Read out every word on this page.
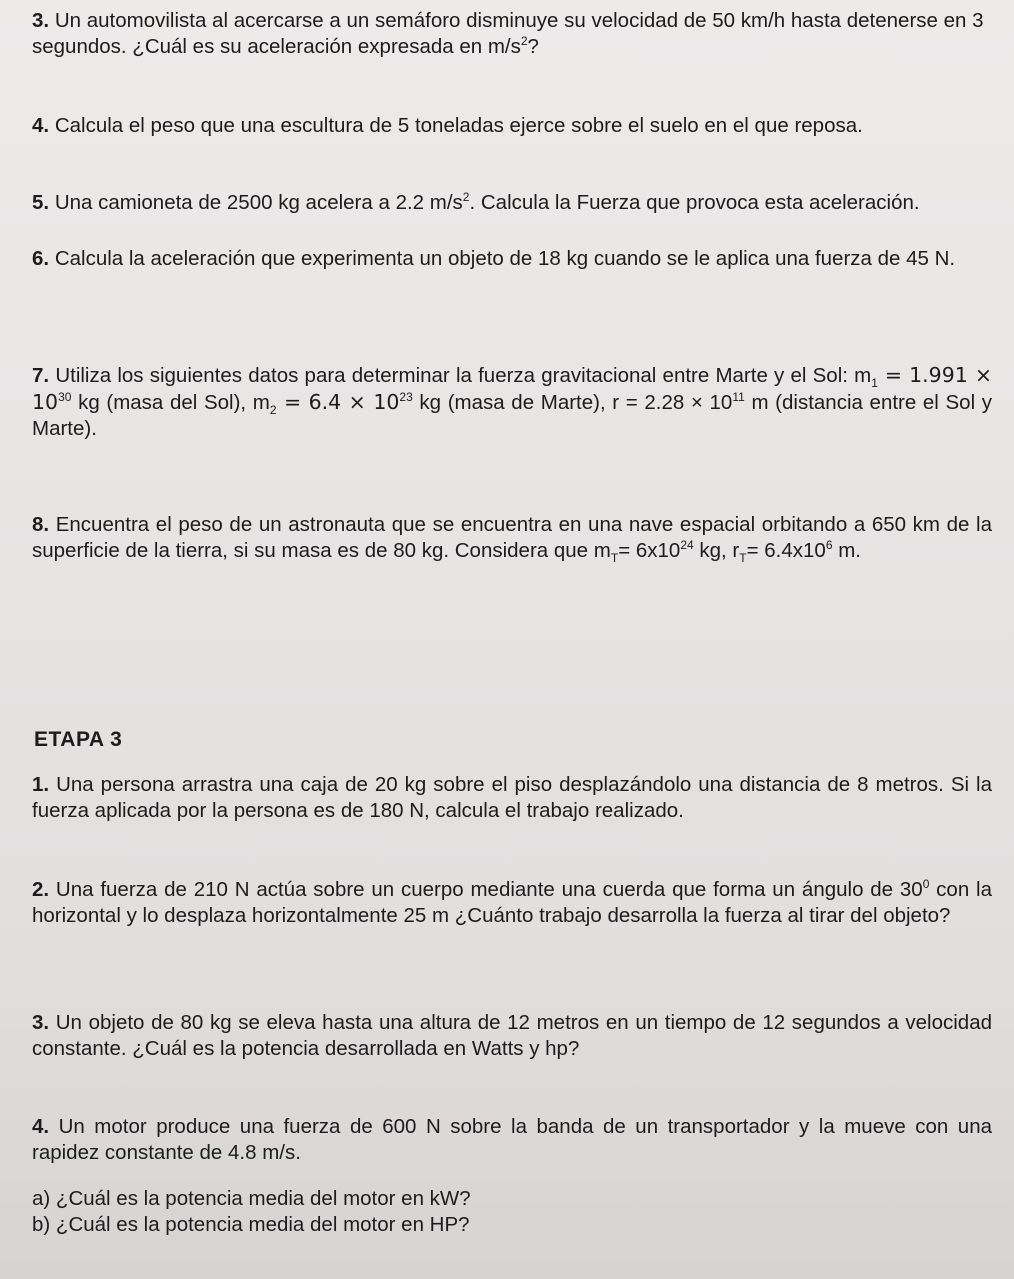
3. Un automovilista al acercarse a un semáforo disminuye su velocidad de 50 km/h hasta detenerse en 3 segundos. ¿Cuál es su aceleración expresada en $m/s^2$?

4. Calcula el peso que una escultura de 5 toneladas ejerce sobre el suelo en el que reposa.

5. Una camioneta de 2500 kg acelera a 2.2 $m/s^2$. Calcula la Fuerza que provoca esta aceleración.

6. Calcula la aceleración que experimenta un objeto de 18 kg cuando se le aplica una fuerza de 45 N.

7. Utiliza los siguientes datos para determinar la fuerza gravitacional entre Marte y el Sol: $m_1 = 1.991 \times 10^{30}$ kg (masa del Sol), $m_2 = 6.4 \times 10^{23}$ kg (masa de Marte), $r = 2.28 \times 10^{11}$ m (distancia entre el Sol y Marte).

8. Encuentra el peso de un astronauta que se encuentra en una nave espacial orbitando a 650 km de la superficie de la tierra, si su masa es de 80 kg. Considera que $m_T= 6x10^{24}$ kg, $r_T= 6.4x10^6$ m.

ETAPA 3

1. Una persona arrastra una caja de 20 kg sobre el piso desplazándolo una distancia de 8 metros. Si la fuerza aplicada por la persona es de 180 N, calcula el trabajo realizado.

2. Una fuerza de 210 N actúa sobre un cuerpo mediante una cuerda que forma un ángulo de $30^0$ con la horizontal y lo desplaza horizontalmente 25 m ¿Cuánto trabajo desarrolla la fuerza al tirar del objeto?

3. Un objeto de 80 kg se eleva hasta una altura de 12 metros en un tiempo de 12 segundos a velocidad constante. ¿Cuál es la potencia desarrollada en Watts y hp?

4. Un motor produce una fuerza de 600 N sobre la banda de un transportador y la mueve con una rapidez constante de 4.8 m/s.

a) ¿Cuál es la potencia media del motor en kW?

b) ¿Cuál es la potencia media del motor en HP?
